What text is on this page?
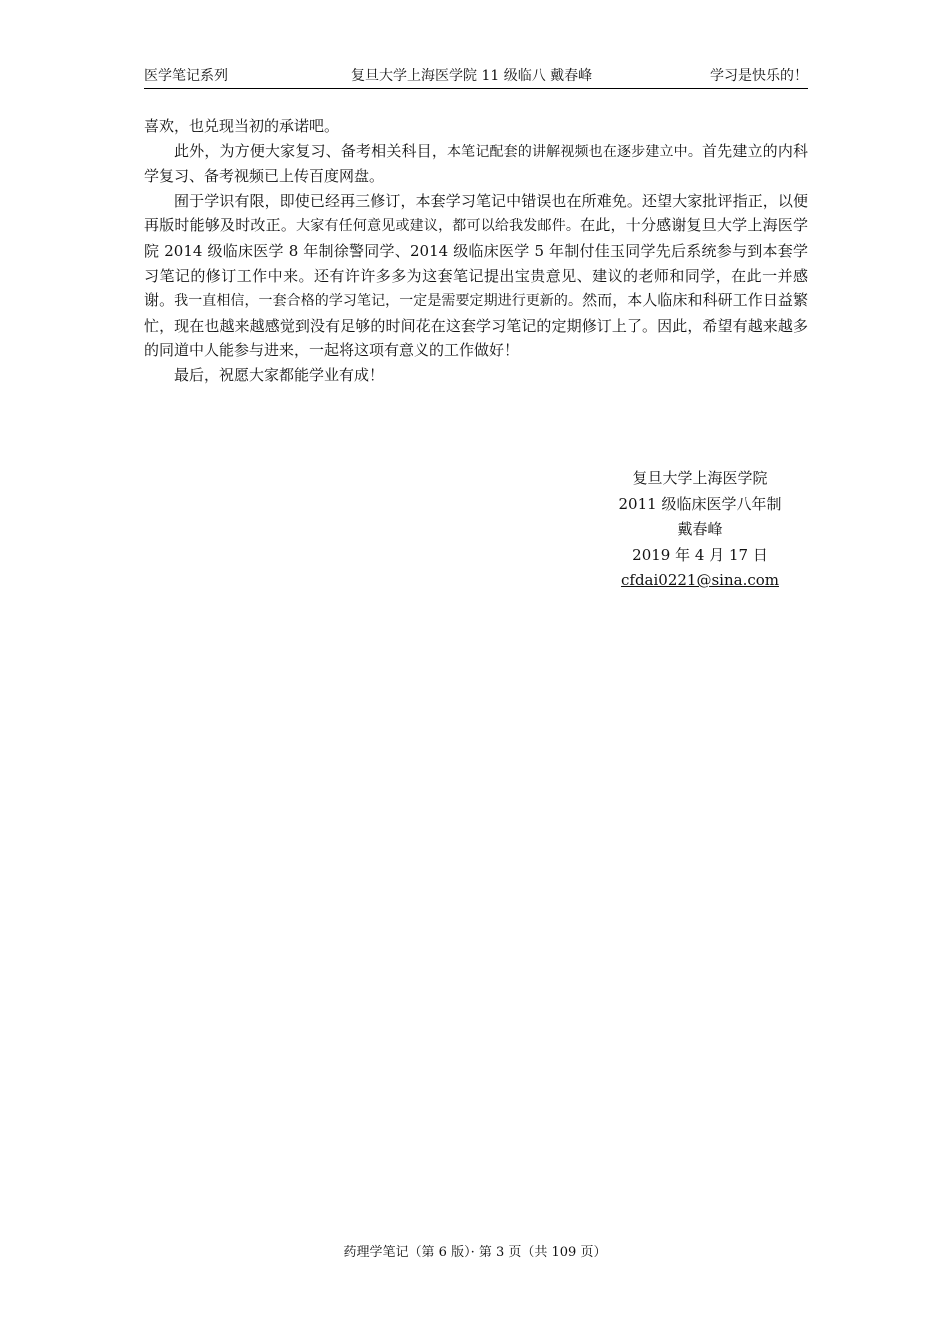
医学笔记系列	复旦大学上海医学院 11 级临八 戴春峰	学习是快乐的！

喜欢，也兑现当初的承诺吧。

此外，为方便大家复习、备考相关科目，本笔记配套的讲解视频也在逐步建立中。首先建立的内科学复习、备考视频已上传百度网盘。

囿于学识有限，即使已经再三修订，本套学习笔记中错误也在所难免。还望大家批评指正，以便再版时能够及时改正。大家有任何意见或建议，都可以给我发邮件。在此，十分感谢复旦大学上海医学院 2014 级临床医学 8 年制徐警同学、2014 级临床医学 5 年制付佳玉同学先后系统参与到本套学习笔记的修订工作中来。还有许许多多为这套笔记提出宝贵意见、建议的老师和同学，在此一并感谢。我一直相信，一套合格的学习笔记，一定是需要定期进行更新的。然而，本人临床和科研工作日益繁忙，现在也越来越感觉到没有足够的时间花在这套学习笔记的定期修订上了。因此，希望有越来越多的同道中人能参与进来，一起将这项有意义的工作做好！

最后，祝愿大家都能学业有成！

复旦大学上海医学院
2011 级临床医学八年制
戴春峰
2019 年 4 月 17 日
cfdai0221@sina.com
药理学笔记（第 6 版）· 第 3 页（共 109 页）
